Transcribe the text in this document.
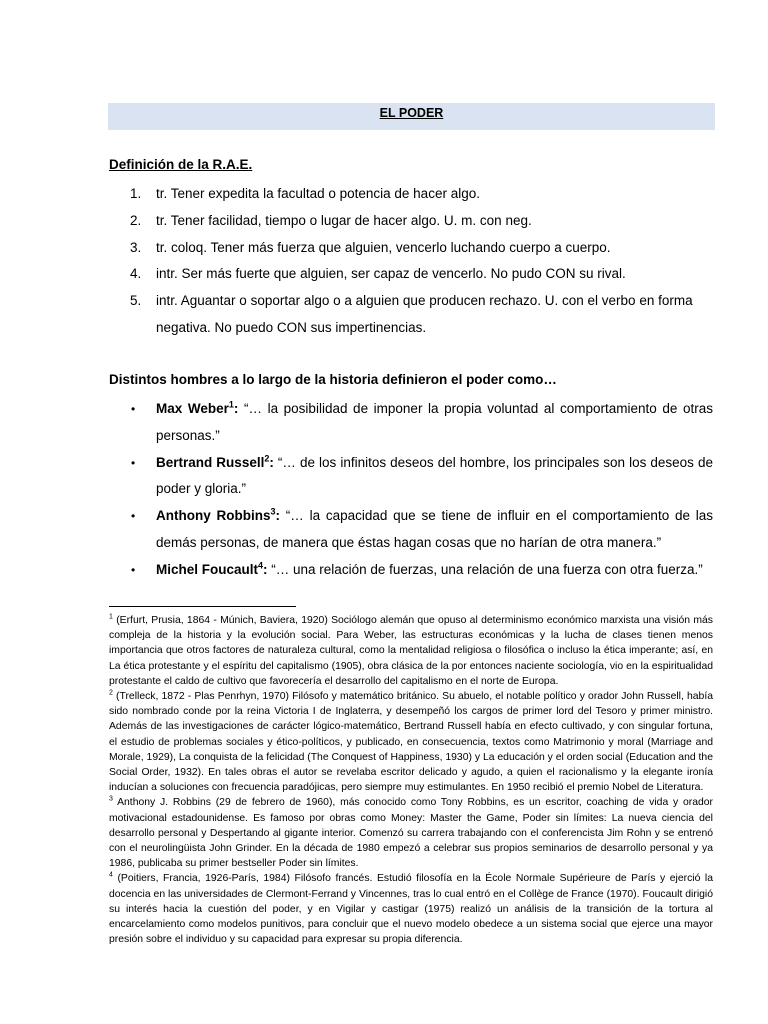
EL PODER
Definición de la R.A.E.
1. tr. Tener expedita la facultad o potencia de hacer algo.
2. tr. Tener facilidad, tiempo o lugar de hacer algo. U. m. con neg.
3. tr. coloq. Tener más fuerza que alguien, vencerlo luchando cuerpo a cuerpo.
4. intr. Ser más fuerte que alguien, ser capaz de vencerlo. No pudo CON su rival.
5. intr. Aguantar o soportar algo o a alguien que producen rechazo. U. con el verbo en forma negativa. No puedo CON sus impertinencias.
Distintos hombres a lo largo de la historia definieron el poder como…
• Max Weber$^1$: “… la posibilidad de imponer la propia voluntad al comportamiento de otras personas.”
• Bertrand Russell$^2$: “… de los infinitos deseos del hombre, los principales son los deseos de poder y gloria.”
• Anthony Robbins$^3$: “… la capacidad que se tiene de influir en el comportamiento de las demás personas, de manera que éstas hagan cosas que no harían de otra manera.”
• Michel Foucault$^4$: “… una relación de fuerzas, una relación de una fuerza con otra fuerza.”

$^1$ (Erfurt, Prusia, 1864 - Múnich, Baviera, 1920) Sociólogo alemán que opuso al determinismo económico marxista una visión más compleja de la historia y la evolución social. Para Weber, las estructuras económicas y la lucha de clases tienen menos importancia que otros factores de naturaleza cultural, como la mentalidad religiosa o filosófica o incluso la ética imperante; así, en La ética protestante y el espíritu del capitalismo (1905), obra clásica de la por entonces naciente sociología, vio en la espiritualidad protestante el caldo de cultivo que favorecería el desarrollo del capitalismo en el norte de Europa.

$^2$ (Trelleck, 1872 - Plas Penrhyn, 1970) Filósofo y matemático británico. Su abuelo, el notable político y orador John Russell, había sido nombrado conde por la reina Victoria I de Inglaterra, y desempeñó los cargos de primer lord del Tesoro y primer ministro. Además de las investigaciones de carácter lógico-matemático, Bertrand Russell había en efecto cultivado, y con singular fortuna, el estudio de problemas sociales y ético-políticos, y publicado, en consecuencia, textos como Matrimonio y moral (Marriage and Morale, 1929), La conquista de la felicidad (The Conquest of Happiness, 1930) y La educación y el orden social (Education and the Social Order, 1932). En tales obras el autor se revelaba escritor delicado y agudo, a quien el racionalismo y la elegante ironía inducían a soluciones con frecuencia paradójicas, pero siempre muy estimulantes. En 1950 recibió el premio Nobel de Literatura.

$^3$ Anthony J. Robbins (29 de febrero de 1960), más conocido como Tony Robbins, es un escritor, coaching de vida y orador motivacional estadounidense. Es famoso por obras como Money: Master the Game, Poder sin límites: La nueva ciencia del desarrollo personal y Despertando al gigante interior. Comenzó su carrera trabajando con el conferencista Jim Rohn y se entrenó con el neurolingüista John Grinder. En la década de 1980 empezó a celebrar sus propios seminarios de desarrollo personal y ya 1986, publicaba su primer bestseller Poder sin límites.

$^4$ (Poitiers, Francia, 1926-París, 1984) Filósofo francés. Estudió filosofía en la École Normale Supérieure de París y ejerció la docencia en las universidades de Clermont-Ferrand y Vincennes, tras lo cual entró en el Collège de France (1970). Foucault dirigió su interés hacia la cuestión del poder, y en Vigilar y castigar (1975) realizó un análisis de la transición de la tortura al encarcelamiento como modelos punitivos, para concluir que el nuevo modelo obedece a un sistema social que ejerce una mayor presión sobre el individuo y su capacidad para expresar su propia diferencia.
